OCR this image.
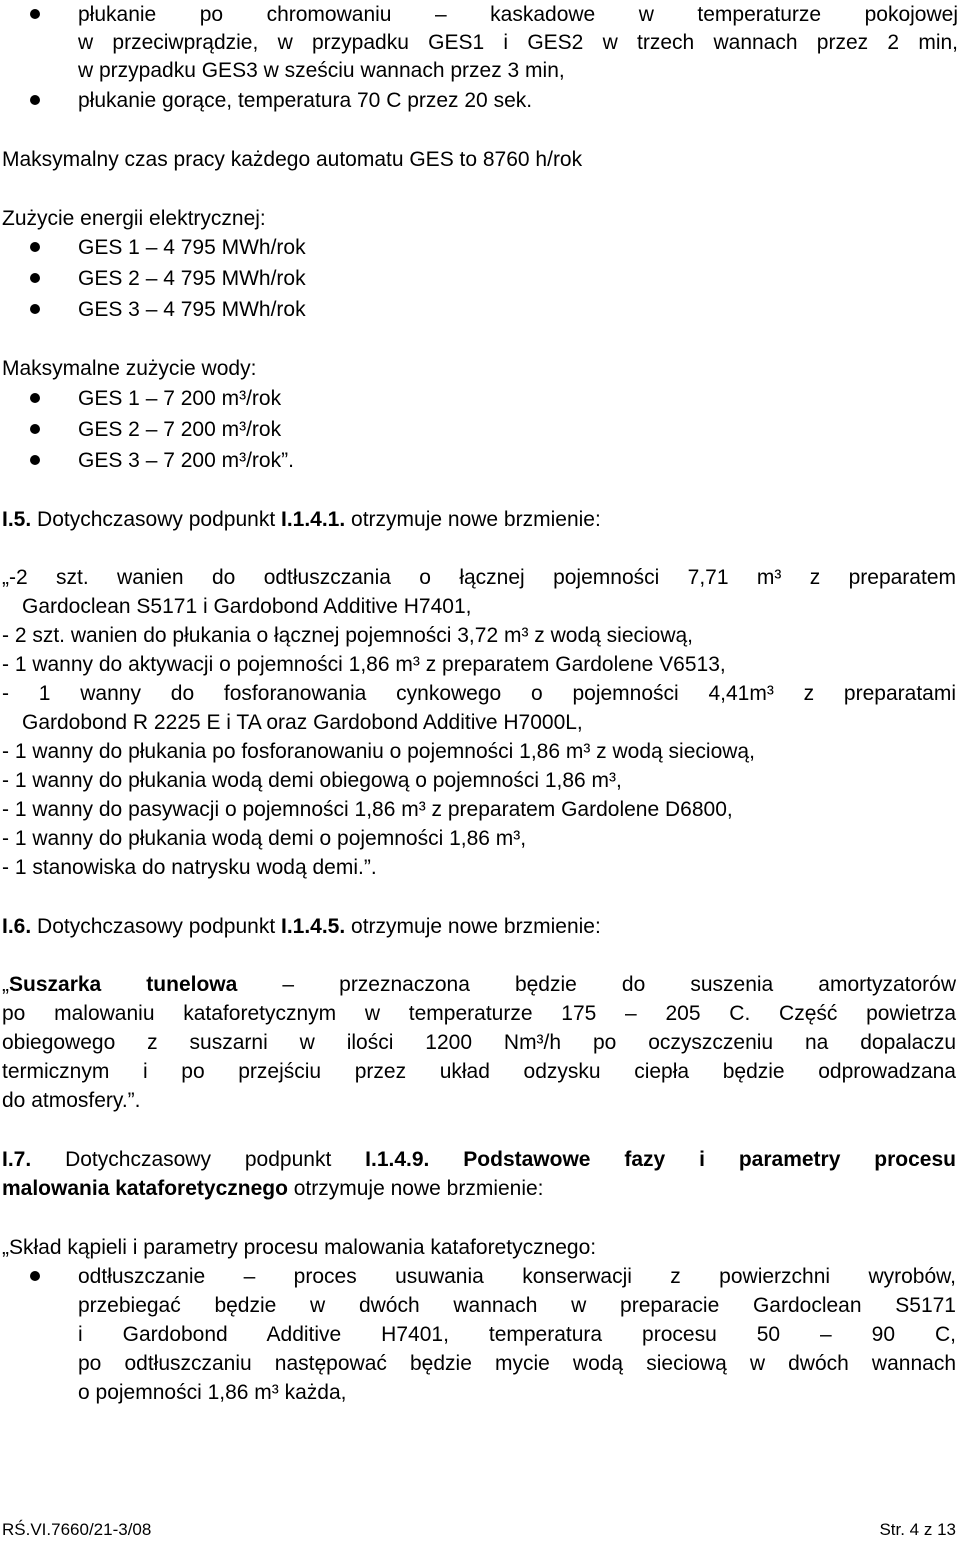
płukanie po chromowaniu – kaskadowe w temperaturze pokojowej
w przeciwprądzie, w przypadku GES1 i GES2 w trzech wannach przez 2 min,
w przypadku GES3 w sześciu wannach przez 3 min,
płukanie gorące, temperatura 70 C przez 20 sek.
Maksymalny czas pracy każdego automatu GES to 8760 h/rok
Zużycie energii elektrycznej:
GES 1 – 4 795 MWh/rok
GES 2 – 4 795 MWh/rok
GES 3 – 4 795 MWh/rok
Maksymalne zużycie wody:
GES 1 – 7 200 m³/rok
GES 2 – 7 200 m³/rok
GES 3 – 7 200 m³/rok”.
I.5. Dotychczasowy podpunkt I.1.4.1. otrzymuje nowe brzmienie:
„-2 szt. wanien do odtłuszczania o łącznej pojemności 7,71 m³ z preparatem
Gardoclean S5171 i Gardobond Additive H7401,
- 2 szt. wanien do płukania o łącznej pojemności 3,72 m³ z wodą sieciową,
- 1 wanny do aktywacji o pojemności 1,86 m³ z preparatem Gardolene V6513,
- 1 wanny do fosforanowania cynkowego o pojemności 4,41m³ z preparatami
Gardobond R 2225 E i TA oraz Gardobond Additive H7000L,
- 1 wanny do płukania po fosforanowaniu o pojemności 1,86 m³ z wodą sieciową,
- 1 wanny do płukania wodą demi obiegową o pojemności 1,86 m³,
- 1 wanny do pasywacji o pojemności 1,86 m³ z preparatem Gardolene D6800,
- 1 wanny do płukania wodą demi o pojemności 1,86 m³,
- 1 stanowiska do natrysku wodą demi.”.
I.6. Dotychczasowy podpunkt I.1.4.5. otrzymuje nowe brzmienie:
„Suszarka tunelowa – przeznaczona będzie do suszenia amortyzatorów
po malowaniu kataforetycznym w temperaturze 175 – 205 C. Część powietrza
obiegowego z suszarni w ilości 1200 Nm³/h po oczyszczeniu na dopalaczu
termicznym i po przejściu przez układ odzysku ciepła będzie odprowadzana
do atmosfery.”.
I.7. Dotychczasowy podpunkt I.1.4.9. Podstawowe fazy i parametry procesu
malowania kataforetycznego otrzymuje nowe brzmienie:
„Skład kąpieli i parametry procesu malowania kataforetycznego:
odtłuszczanie – proces usuwania konserwacji z powierzchni wyrobów,
przebiegać będzie w dwóch wannach w preparacie Gardoclean S5171
i Gardobond Additive H7401, temperatura procesu 50 – 90 C,
po odtłuszczaniu następować będzie mycie wodą sieciową w dwóch wannach
o pojemności 1,86 m³ każda,
RŚ.VI.7660/21-3/08	Str. 4 z 13
